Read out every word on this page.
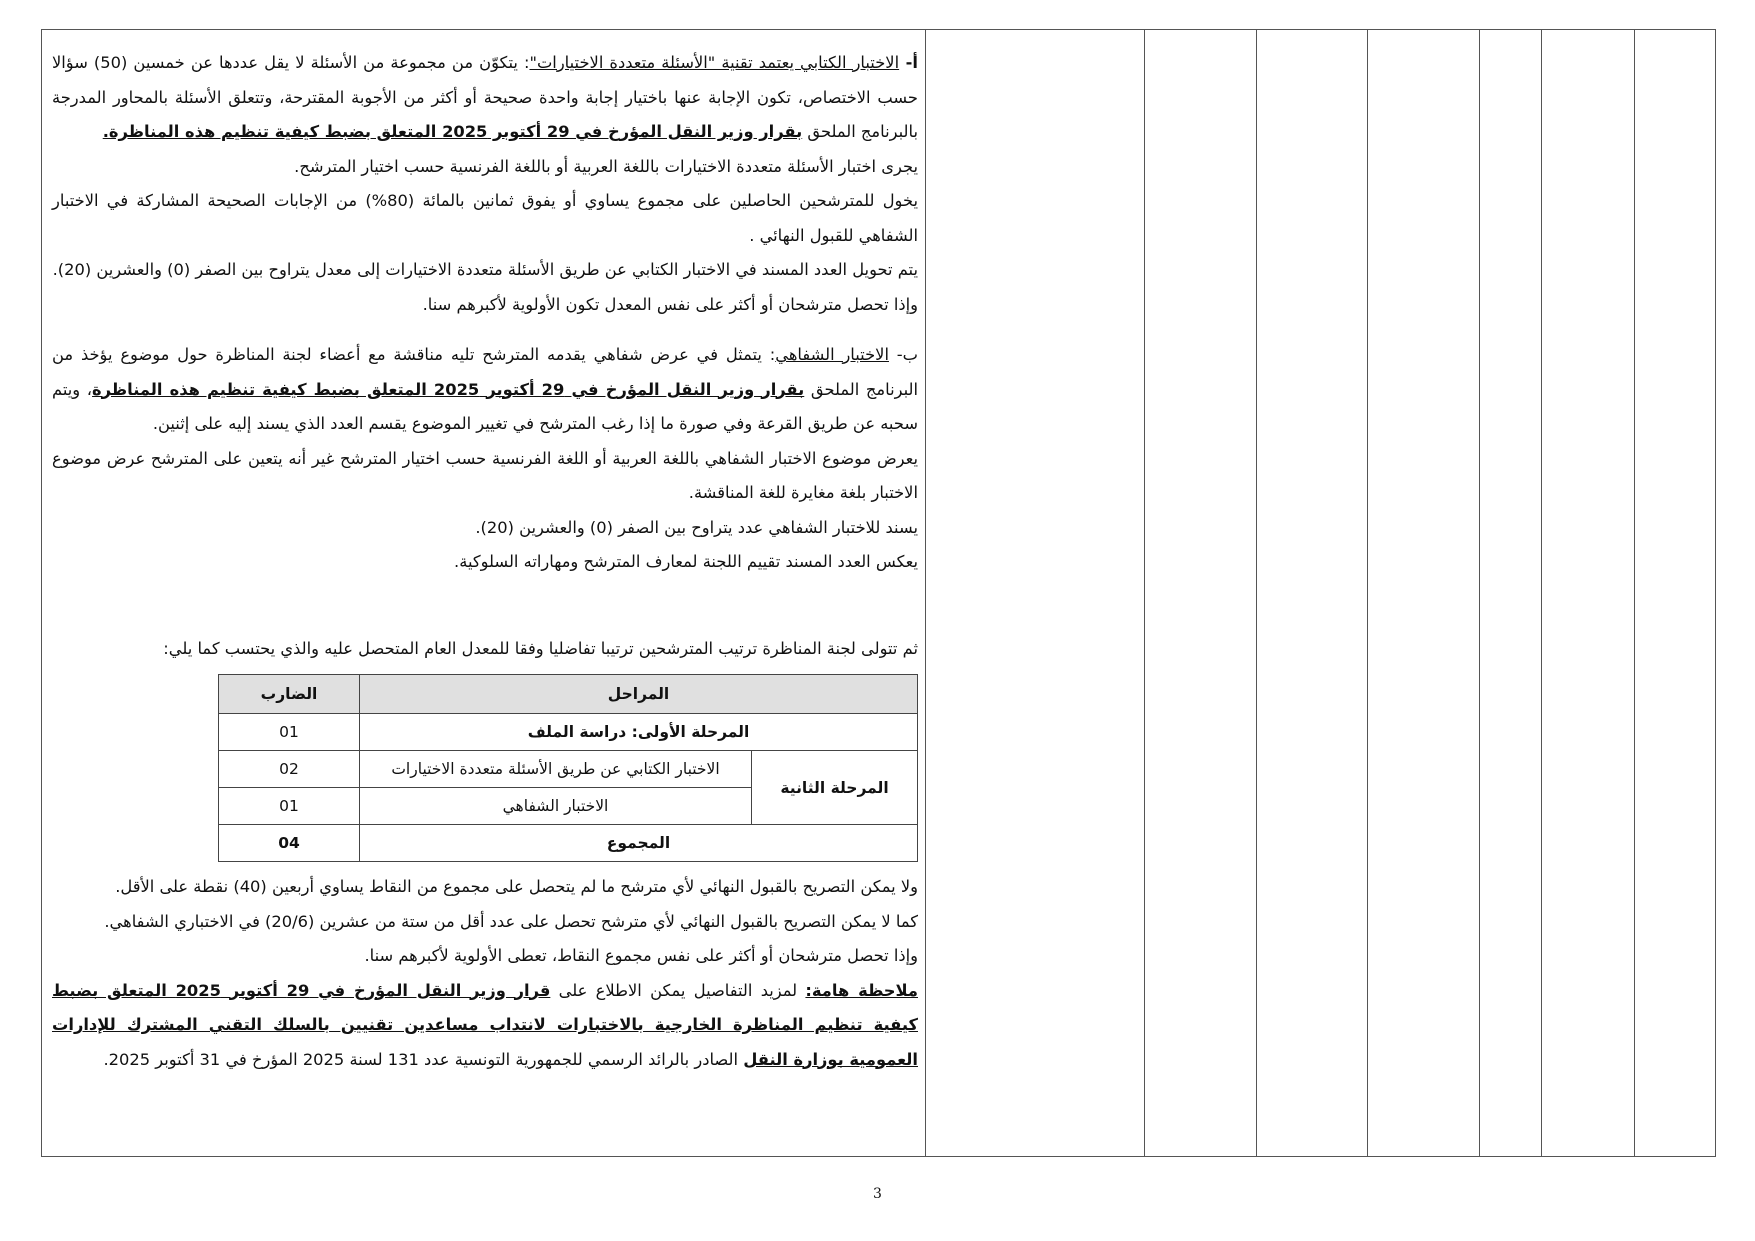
أ- الاختبار الكتابي يعتمد تقنية "الأسئلة متعددة الاختيارات": يتكوّن من مجموعة من الأسئلة لا يقل عددها عن خمسين (50) سؤالا حسب الاختصاص، تكون الإجابة عنها باختيار إجابة واحدة صحيحة أو أكثر من الأجوبة المقترحة، وتتعلق الأسئلة بالمحاور المدرجة بالبرنامج الملحق بقرار وزير النقل المؤرخ في 29 أكتوبر 2025 المتعلق بضبط كيفية تنظيم هذه المناظرة.

يجرى اختبار الأسئلة متعددة الاختيارات باللغة العربية أو باللغة الفرنسية حسب اختيار المترشح.

يخول للمترشحين الحاصلين على مجموع يساوي أو يفوق ثمانين بالمائة (80%) من الإجابات الصحيحة المشاركة في الاختبار الشفاهي للقبول النهائي .

يتم تحويل العدد المسند في الاختبار الكتابي عن طريق الأسئلة متعددة الاختيارات إلى معدل يتراوح بين الصفر (0) والعشرين (20).

وإذا تحصل مترشحان أو أكثر على نفس المعدل تكون الأولوية لأكبرهم سنا.

ب- الاختبار الشفاهي: يتمثل في عرض شفاهي يقدمه المترشح تليه مناقشة مع أعضاء لجنة المناظرة حول موضوع يؤخذ من البرنامج الملحق بقرار وزير النقل المؤرخ في 29 أكتوبر 2025 المتعلق بضبط كيفية تنظيم هذه المناظرة، ويتم سحبه عن طريق القرعة وفي صورة ما إذا رغب المترشح في تغيير الموضوع يقسم العدد الذي يسند إليه على إثنين.

يعرض موضوع الاختبار الشفاهي باللغة العربية أو اللغة الفرنسية حسب اختيار المترشح غير أنه يتعين على المترشح عرض موضوع الاختبار بلغة مغايرة للغة المناقشة.

يسند للاختبار الشفاهي عدد يتراوح بين الصفر (0) والعشرين (20).

يعكس العدد المسند تقييم اللجنة لمعارف المترشح ومهاراته السلوكية.

ثم تتولى لجنة المناظرة ترتيب المترشحين ترتيبا تفاضليا وفقا للمعدل العام المتحصل عليه والذي يحتسب كما يلي:

المراحل		الضارب
المرحلة الأولى: دراسة الملف		01
المرحلة الثانية	الاختبار الكتابي عن طريق الأسئلة متعددة الاختيارات	02
	الاختبار الشفاهي	01
المجموع		04

ولا يمكن التصريح بالقبول النهائي لأي مترشح ما لم يتحصل على مجموع من النقاط يساوي أربعين (40) نقطة على الأقل.

كما لا يمكن التصريح بالقبول النهائي لأي مترشح تحصل على عدد أقل من ستة من عشرين (20/6) في الاختباري الشفاهي.

وإذا تحصل مترشحان أو أكثر على نفس مجموع النقاط، تعطى الأولوية لأكبرهم سنا.

ملاحظة هامة: لمزيد التفاصيل يمكن الاطلاع على قرار وزير النقل المؤرخ في 29 أكتوبر 2025 المتعلق بضبط كيفية تنظيم المناظرة الخارجية بالاختبارات لانتداب مساعدين تقنيين بالسلك التقني المشترك للإدارات العمومية بوزارة النقل الصادر بالرائد الرسمي للجمهورية التونسية عدد 131 لسنة 2025 المؤرخ في 31 أكتوبر 2025.

3
